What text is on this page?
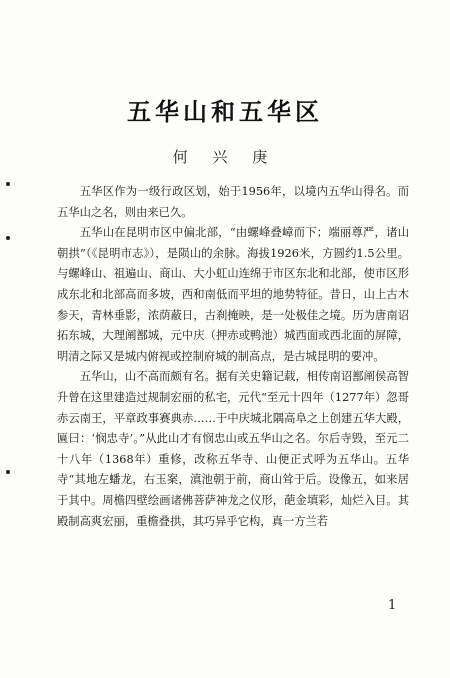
五华山和五华区
何 兴 庚

五华区作为一级行政区划，始于1956年，以境内五华山得名。而五华山之名，则由来已久。

五华山在昆明市区中偏北部，“由螺峰叠嶂而下；端丽尊严，诸山朝拱”（《昆明市志》），是陨山的余脉。海拔1926米，方圆约1.5公里。与螺峰山、祖遍山、商山、大小虹山连绵于市区东北和北部，使市区形成东北和北部高而多坡，西和南低而平坦的地势特征。昔日，山上古木参天，青林垂影，浓荫蔽日，古刹掩映，是一处极佳之境。历为唐南诏拓东城，大理阐鄯城，元中庆（押赤或鸭池）城西面或西北面的屏障，明清之际又是城内俯视或控制府城的制高点，是古城昆明的要冲。

五华山，山不高而颇有名。据有关史籍记载，相传南诏鄯阐侯高智升曾在这里建造过规制宏丽的私宅，元代“至元十四年（1277年）忽哥赤云南王，平章政事赛典赤……于中庆城北隅高阜之上创建五华大殿，匾曰：‘悯忠寺’。”从此山才有悯忠山或五华山之名。尔后寺毁，至元二十八年（1368年）重修，改称五华寺、山便正式呼为五华山。五华寺“其地左蟠龙，右玉案，滇池朝于前，商山耸于后。设像五，如来居于其中。周檐四壁绘画诸佛菩萨神龙之仪形，葩金填彩，灿烂入目。其殿制高爽宏丽，重檐叠拱，其巧异乎它构，真一方兰若

1
